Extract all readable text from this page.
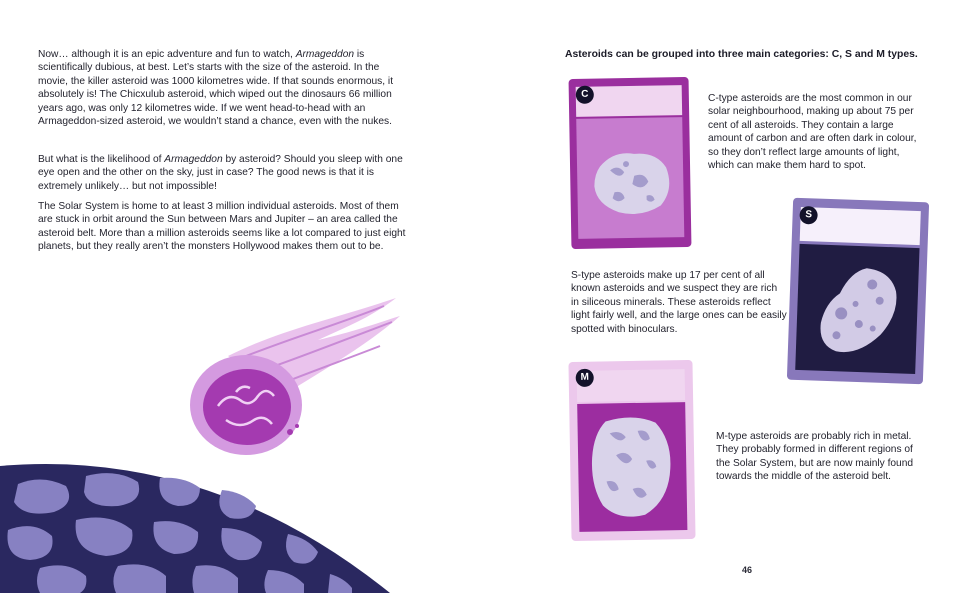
Now… although it is an epic adventure and fun to watch, Armageddon is scientifically dubious, at best. Let’s starts with the size of the asteroid. In the movie, the killer asteroid was 1000 kilometres wide. If that sounds enormous, it absolutely is! The Chicxulub asteroid, which wiped out the dinosaurs 66 million years ago, was only 12 kilometres wide. If we went head-to-head with an Armageddon-sized asteroid, we wouldn’t stand a chance, even with the nukes.

But what is the likelihood of Armageddon by asteroid? Should you sleep with one eye open and the other on the sky, just in case? The good news is that it is extremely unlikely… but not impossible!

The Solar System is home to at least 3 million individual asteroids. Most of them are stuck in orbit around the Sun between Mars and Jupiter – an area called the asteroid belt. More than a million asteroids seems like a lot compared to just eight planets, but they really aren’t the monsters Hollywood makes them out to be.

Asteroids can be grouped into three main categories: C, S and M types.

C	C-type asteroids are the most common in our solar neighbourhood, making up about 75 per cent of all asteroids. They contain a large amount of carbon and are often dark in colour, so they don’t reflect large amounts of light, which can make them hard to spot.

S

S-type asteroids make up 17 per cent of all known asteroids and we suspect they are rich in siliceous minerals. These asteroids reflect light fairly well, and the large ones can be easily spotted with binoculars.

M

M-type asteroids are probably rich in metal. They probably formed in different regions of the Solar System, but are now mainly found towards the middle of the asteroid belt.

46
